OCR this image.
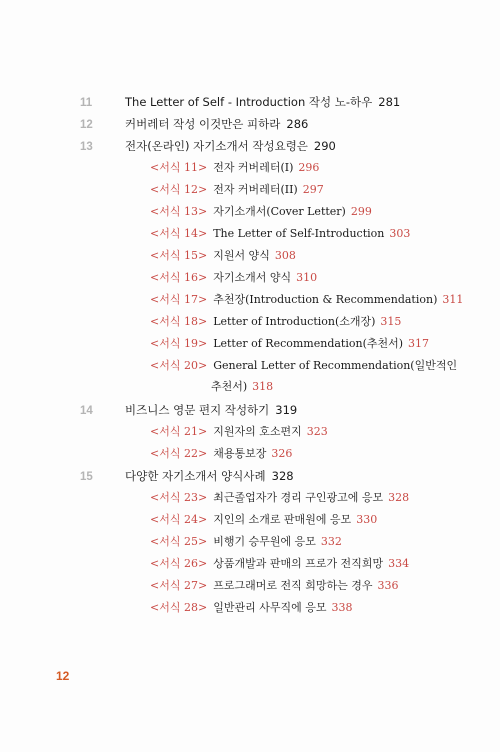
11	The Letter of Self - Introduction 작성 노-하우 281
12	커버레터 작성 이것만은 피하라 286
13	전자(온라인) 자기소개서 작성요령은 290
<서식 11> 전자 커버레터(I) 296
<서식 12> 전자 커버레터(II) 297
<서식 13> 자기소개서(Cover Letter) 299
<서식 14> The Letter of Self-Introduction 303
<서식 15> 지원서 양식 308
<서식 16> 자기소개서 양식 310
<서식 17> 추천장(Introduction & Recommendation) 311
<서식 18> Letter of Introduction(소개장) 315
<서식 19> Letter of Recommendation(추천서) 317
<서식 20> General Letter of Recommendation(일반적인
추천서) 318
14	비즈니스 영문 편지 작성하기 319
<서식 21> 지원자의 호소편지 323
<서식 22> 채용통보장 326
15	다양한 자기소개서 양식사례 328
<서식 23> 최근졸업자가 경리 구인광고에 응모 328
<서식 24> 지인의 소개로 판매원에 응모 330
<서식 25> 비행기 승무원에 응모 332
<서식 26> 상품개발과 판매의 프로가 전직희망 334
<서식 27> 프로그래머로 전직 희망하는 경우 336
<서식 28> 일반관리 사무직에 응모 338
12
